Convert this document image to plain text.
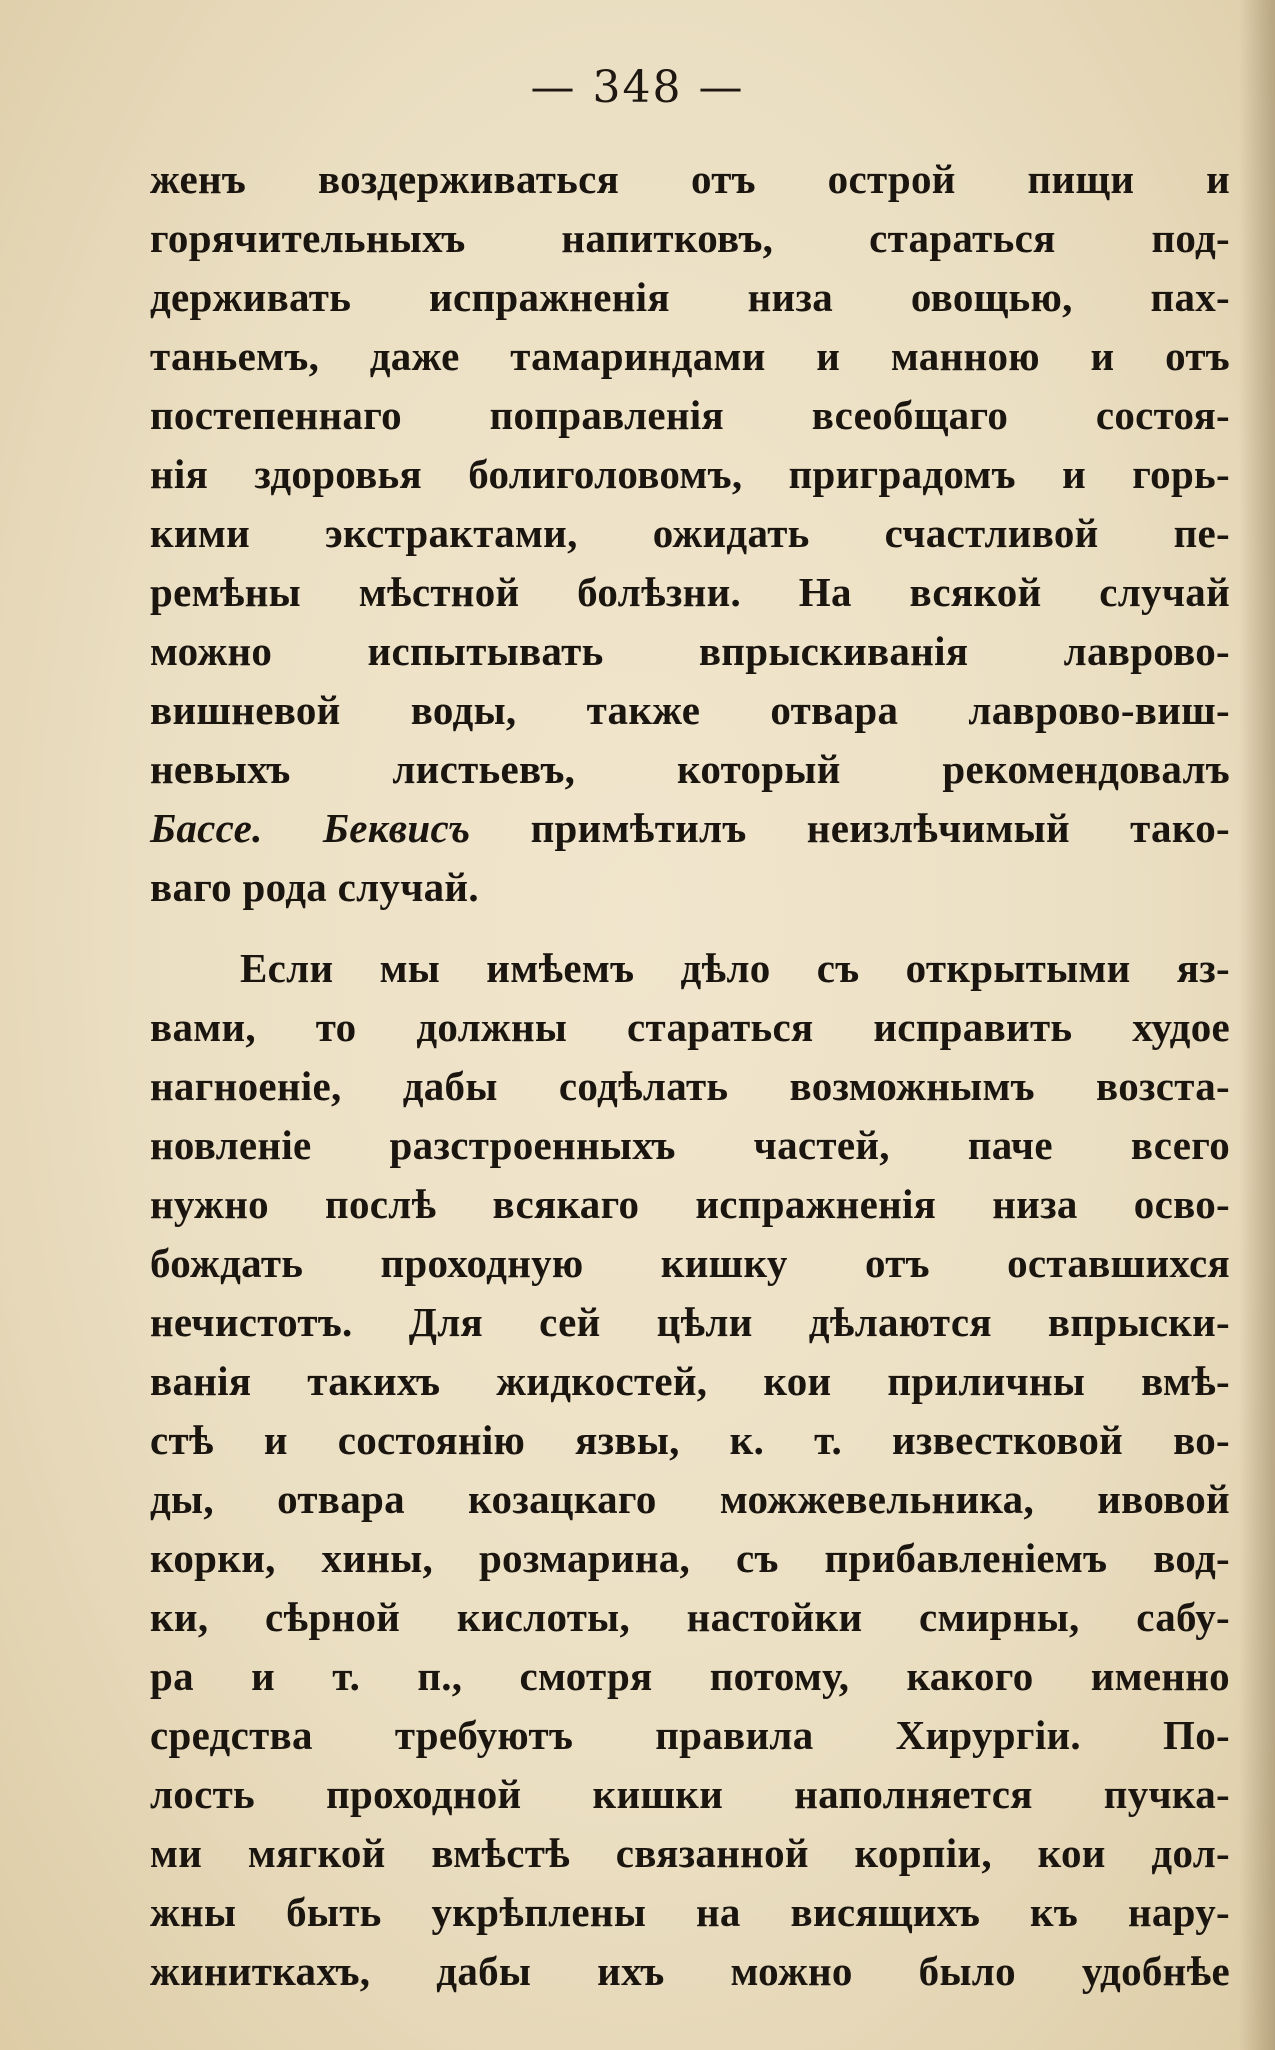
— 348 —
женъ воздерживаться отъ острой пищи и
горячительныхъ напитковъ, стараться под-
держивать испражненія низа овощью, пах-
таньемъ, даже тамариндами и манною и отъ
постепеннаго поправленія всеобщаго состоя-
нія здоровья болиголовомъ, приградомъ и горь-
кими экстрактами, ожидать счастливой пе-
ремѣны мѣстной болѣзни. На всякой случай
можно испытывать впрыскиванія лаврово-
вишневой воды, также отвара лаврово-виш-
невыхъ листьевъ, который рекомендовалъ
Бассе. Беквисъ примѣтилъ неизлѣчимый тако-
ваго рода случай.
Если мы имѣемъ дѣло съ открытыми яз-
вами, то должны стараться исправить худое
нагноеніе, дабы содѣлать возможнымъ возста-
новленіе разстроенныхъ частей, паче всего
нужно послѣ всякаго испражненія низа осво-
бождать проходную кишку отъ оставшихся
нечистотъ. Для сей цѣли дѣлаются впрыски-
ванія такихъ жидкостей, кои приличны вмѣ-
стѣ и состоянію язвы, к. т. известковой во-
ды, отвара козацкаго можжевельника, ивовой
корки, хины, розмарина, съ прибавленіемъ вод-
ки, сѣрной кислоты, настойки смирны, сабу-
ра и т. п., смотря потому, какого именно
средства требуютъ правила Хирургіи. По-
лость проходной кишки наполняется пучка-
ми мягкой вмѣстѣ связанной корпіи, кои дол-
жны быть укрѣплены на висящихъ къ нару-
жиниткахъ, дабы ихъ можно было удобнѣе
